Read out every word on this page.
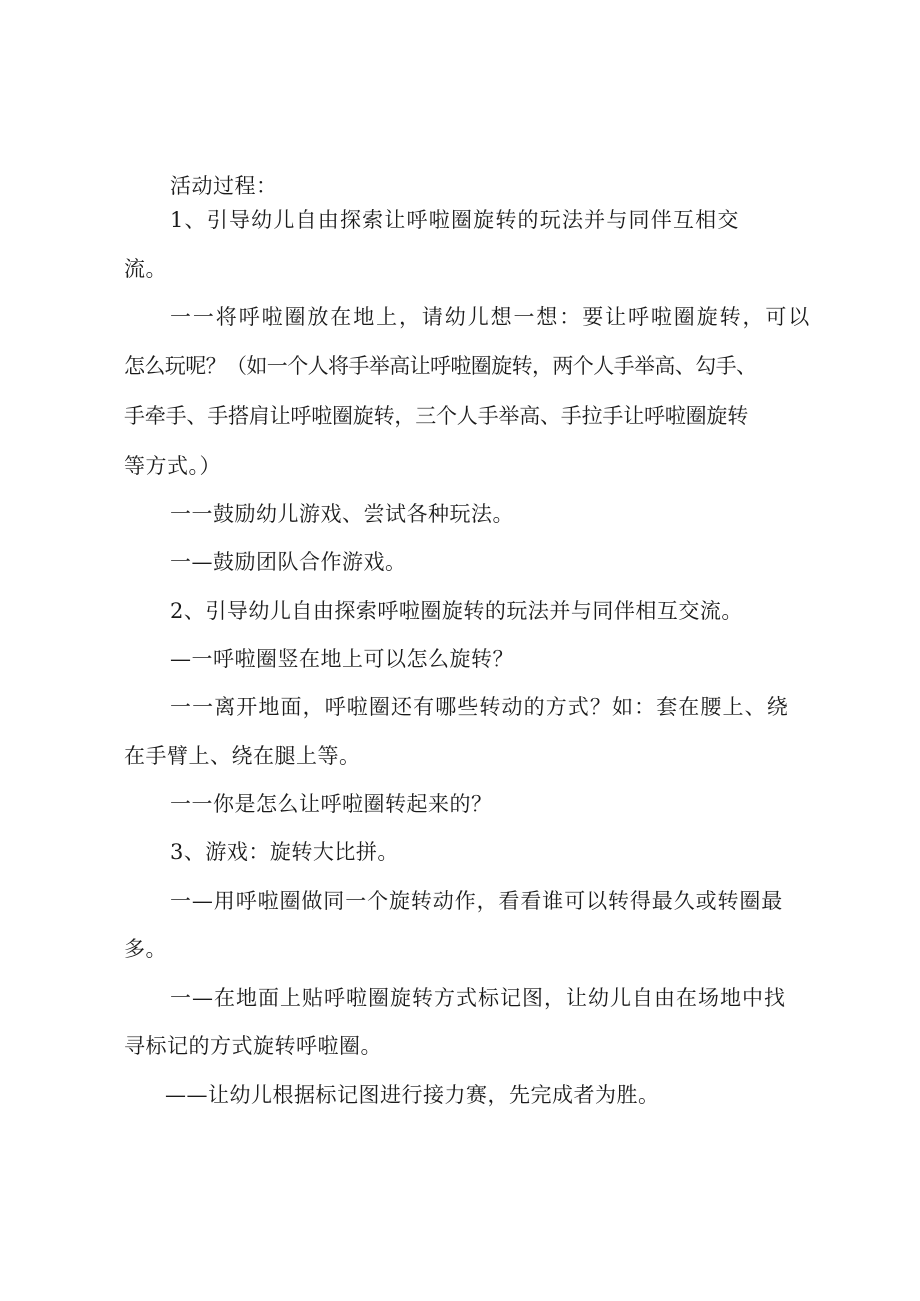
活动过程：
1、引导幼儿自由探索让呼啦圈旋转的玩法并与同伴互相交
流。
一一将呼啦圈放在地上，请幼儿想一想：要让呼啦圈旋转，可以
怎么玩呢？（如一个人将手举高让呼啦圈旋转，两个人手举高、勾手、
手牵手、手搭肩让呼啦圈旋转，三个人手举高、手拉手让呼啦圈旋转
等方式。）
一一鼓励幼儿游戏、尝试各种玩法。
一—鼓励团队合作游戏。
2、引导幼儿自由探索呼啦圈旋转的玩法并与同伴相互交流。
—一呼啦圈竖在地上可以怎么旋转？
一一离开地面，呼啦圈还有哪些转动的方式？如：套在腰上、绕
在手臂上、绕在腿上等。
一一你是怎么让呼啦圈转起来的？
3、游戏：旋转大比拼。
一—用呼啦圈做同一个旋转动作，看看谁可以转得最久或转圈最
多。
一—在地面上贴呼啦圈旋转方式标记图，让幼儿自由在场地中找
寻标记的方式旋转呼啦圈。
——让幼儿根据标记图进行接力赛，先完成者为胜。
